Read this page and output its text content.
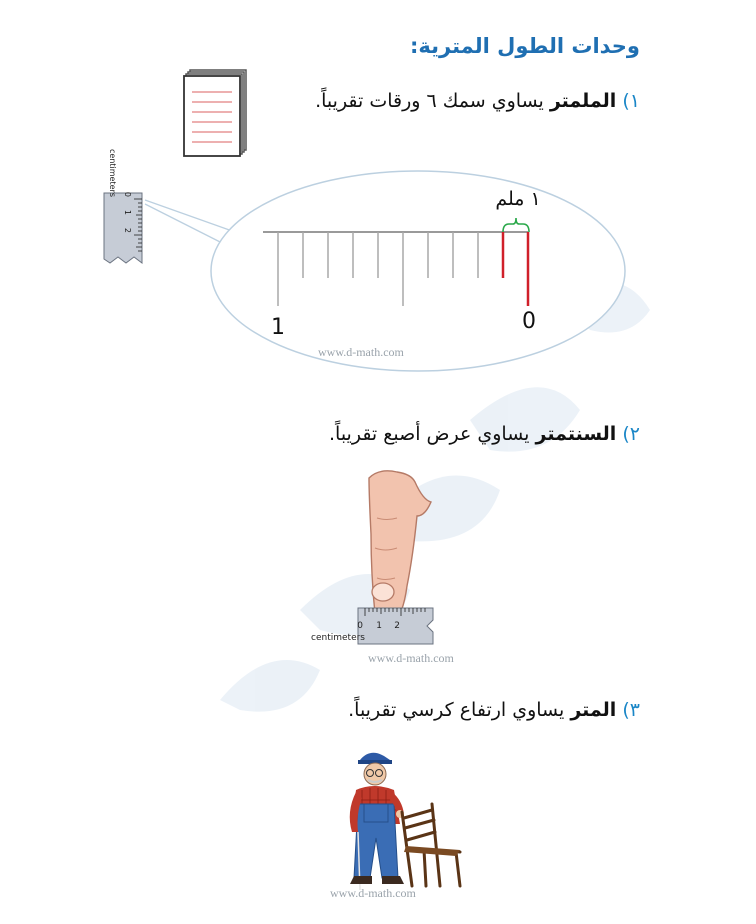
وحدات الطول المترية:
١) الملمتر يساوي سمك ٦ ورقات تقريباً.
centimeters 0
1
2
١ ملم
1	0
www.d-math.com
٢) السنتمتر يساوي عرض أصبع تقريباً.
0 1 2
centimeters
www.d-math.com
٣) المتر يساوي ارتفاع كرسي تقريباً.
www.d-math.com
